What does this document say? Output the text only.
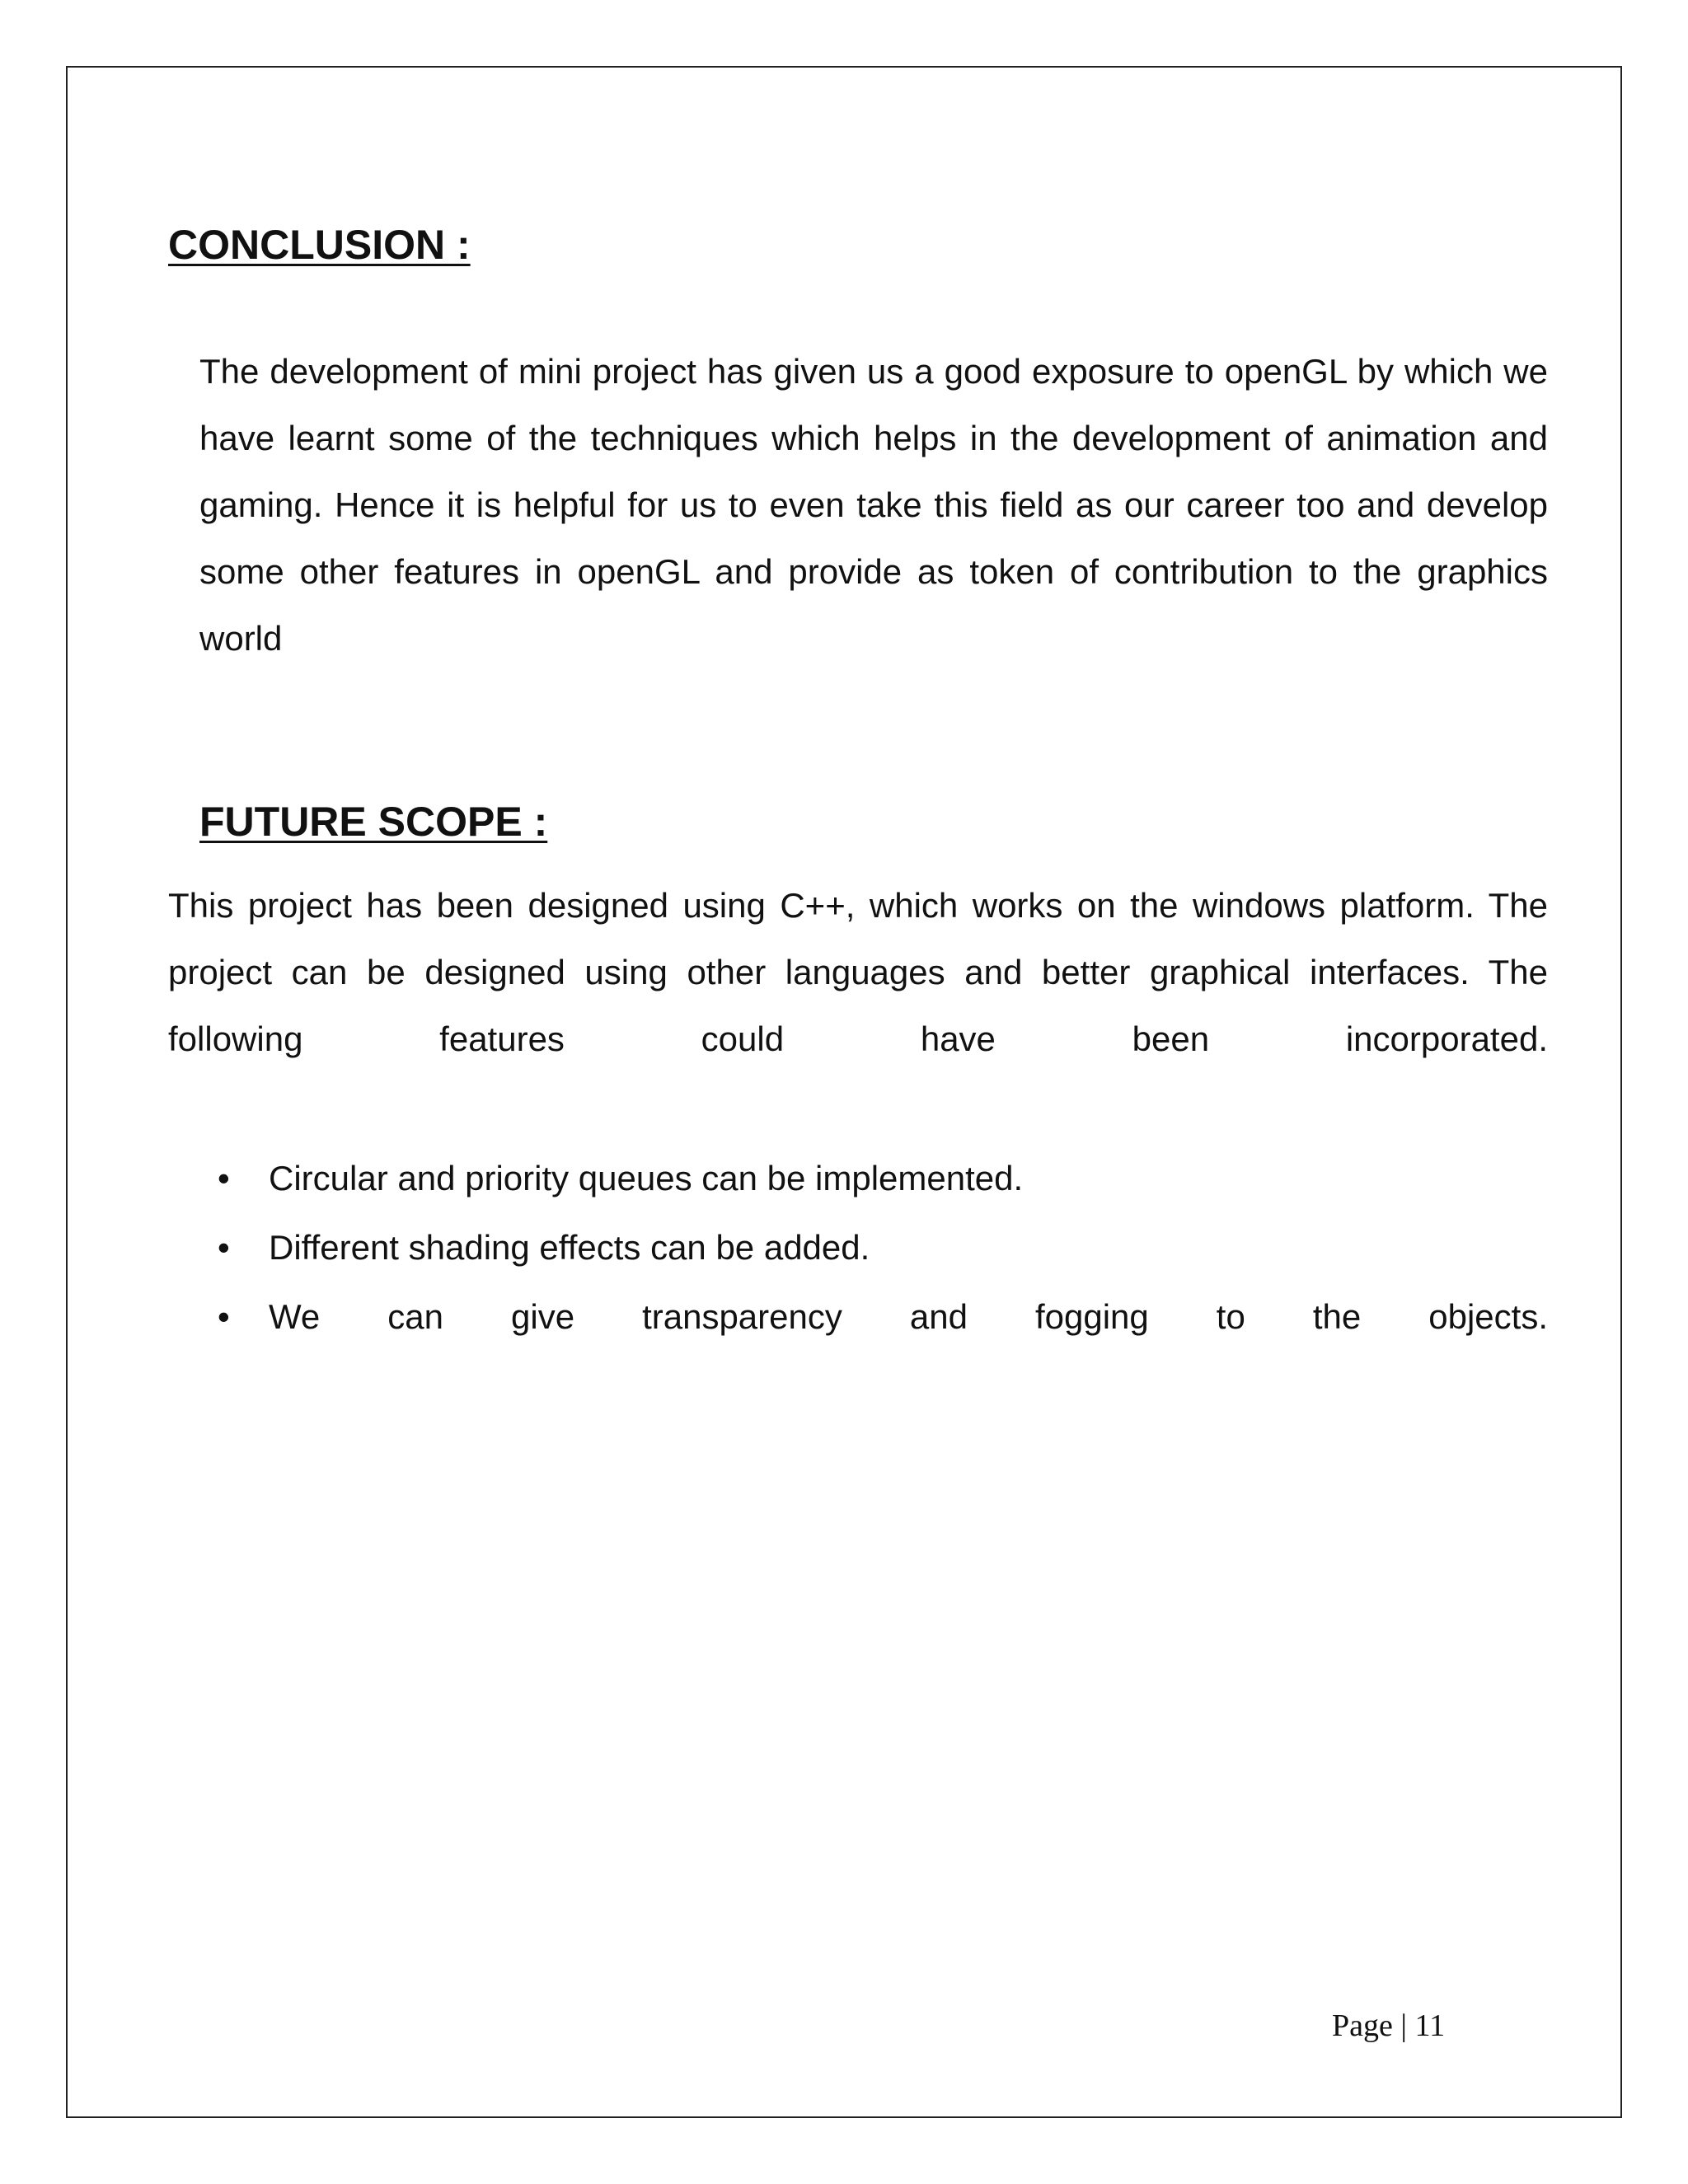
CONCLUSION :

The development of mini project has given us a good exposure to openGL by which we have learnt some of the techniques which helps in the development of animation and gaming. Hence it is helpful for us to even take this field as our career too and develop some other features in openGL and provide as token of contribution to the graphics world

FUTURE SCOPE :

This project has been designed using C++, which works on the windows platform. The project can be designed using other languages and better graphical interfaces. The following features could have been incorporated.

• Circular and priority queues can be implemented.
• Different shading effects can be added.
• We can give transparency and fogging to the objects.
Page | 11
